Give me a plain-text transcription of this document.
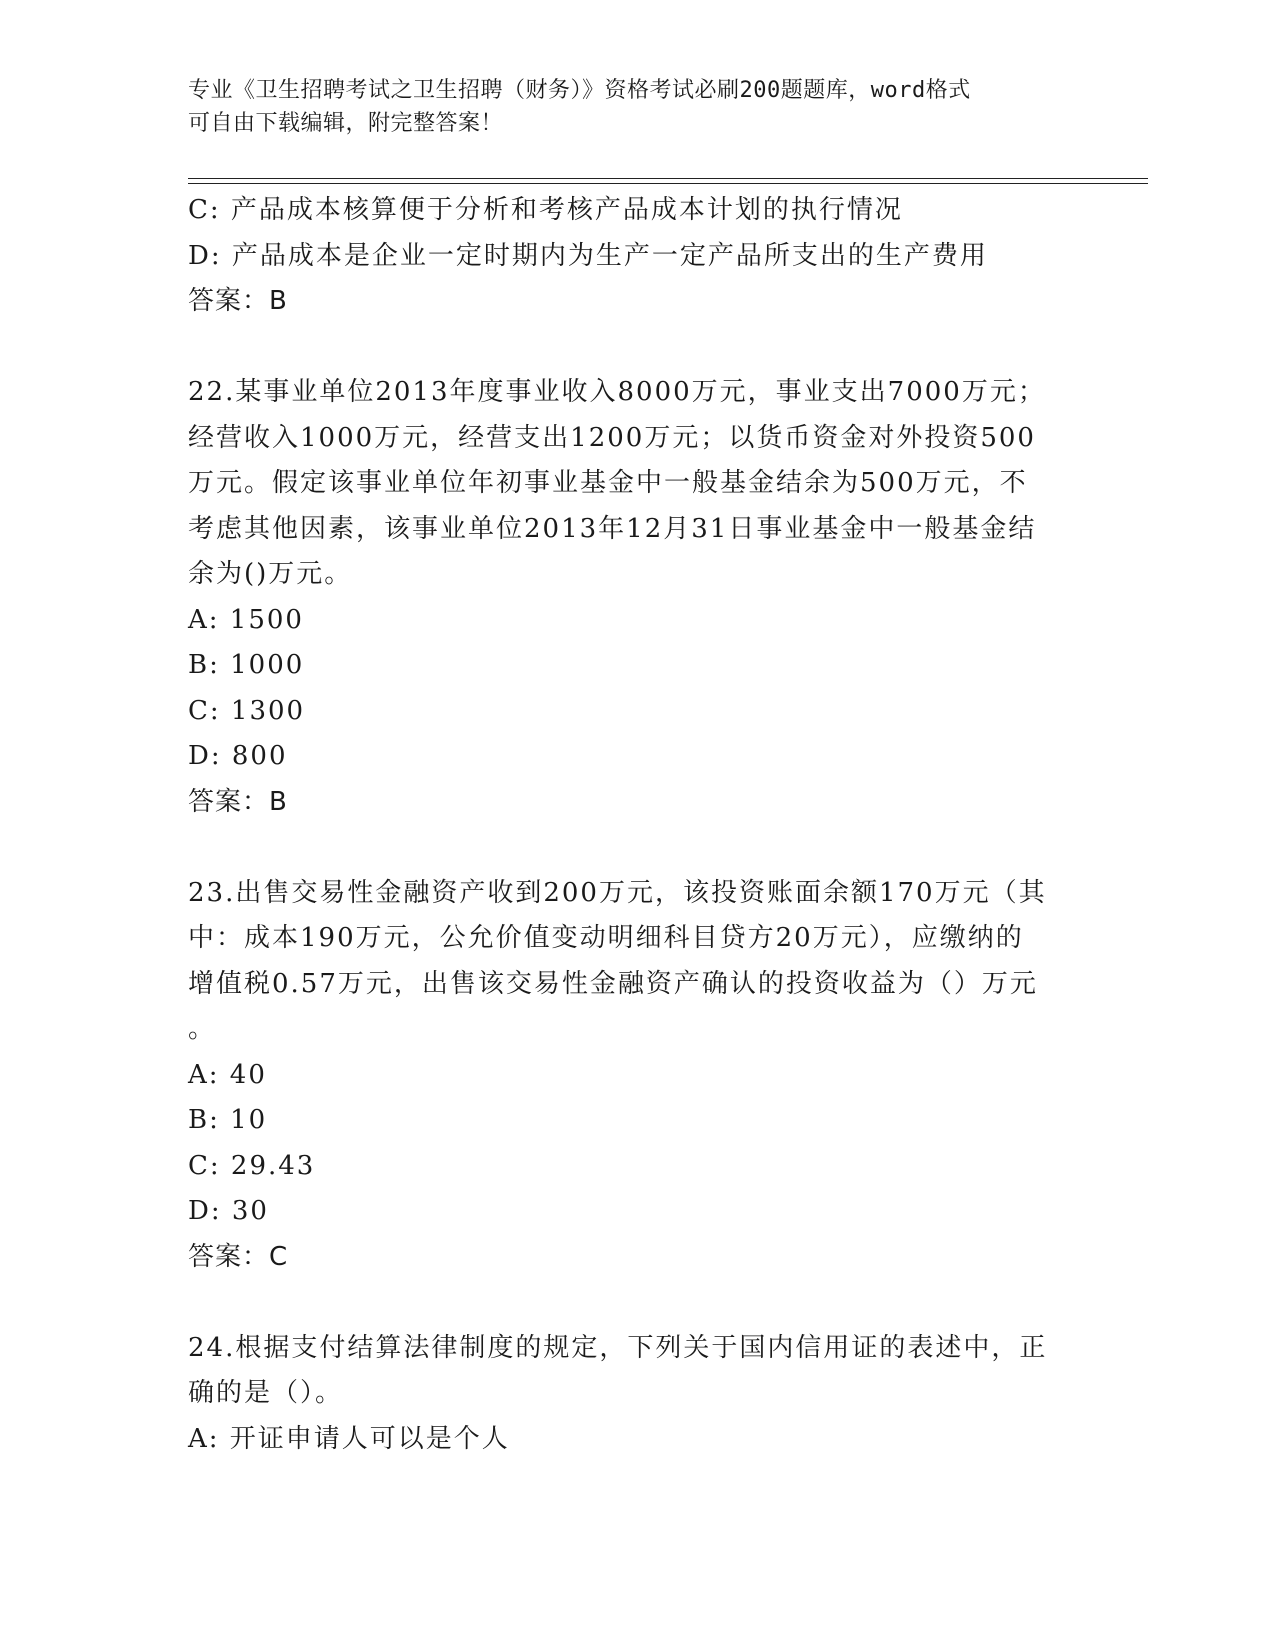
专业《卫生招聘考试之卫生招聘（财务）》资格考试必刷200题题库，word格式
可自由下载编辑，附完整答案！

C: 产品成本核算便于分析和考核产品成本计划的执行情况

D: 产品成本是企业一定时期内为生产一定产品所支出的生产费用

答案：B

22.某事业单位2013年度事业收入8000万元，事业支出7000万元；

经营收入1000万元，经营支出1200万元；以货币资金对外投资500

万元。假定该事业单位年初事业基金中一般基金结余为500万元，不

考虑其他因素，该事业单位2013年12月31日事业基金中一般基金结

余为()万元。

A: 1500

B: 1000

C: 1300

D: 800

答案：B

23.出售交易性金融资产收到200万元，该投资账面余额170万元（其

中：成本190万元，公允价值变动明细科目贷方20万元），应缴纳的

增值税0.57万元，出售该交易性金融资产确认的投资收益为（）万元

。

A: 40

B: 10

C: 29.43

D: 30

答案：C

24.根据支付结算法律制度的规定，下列关于国内信用证的表述中，正

确的是（）。

A: 开证申请人可以是个人
